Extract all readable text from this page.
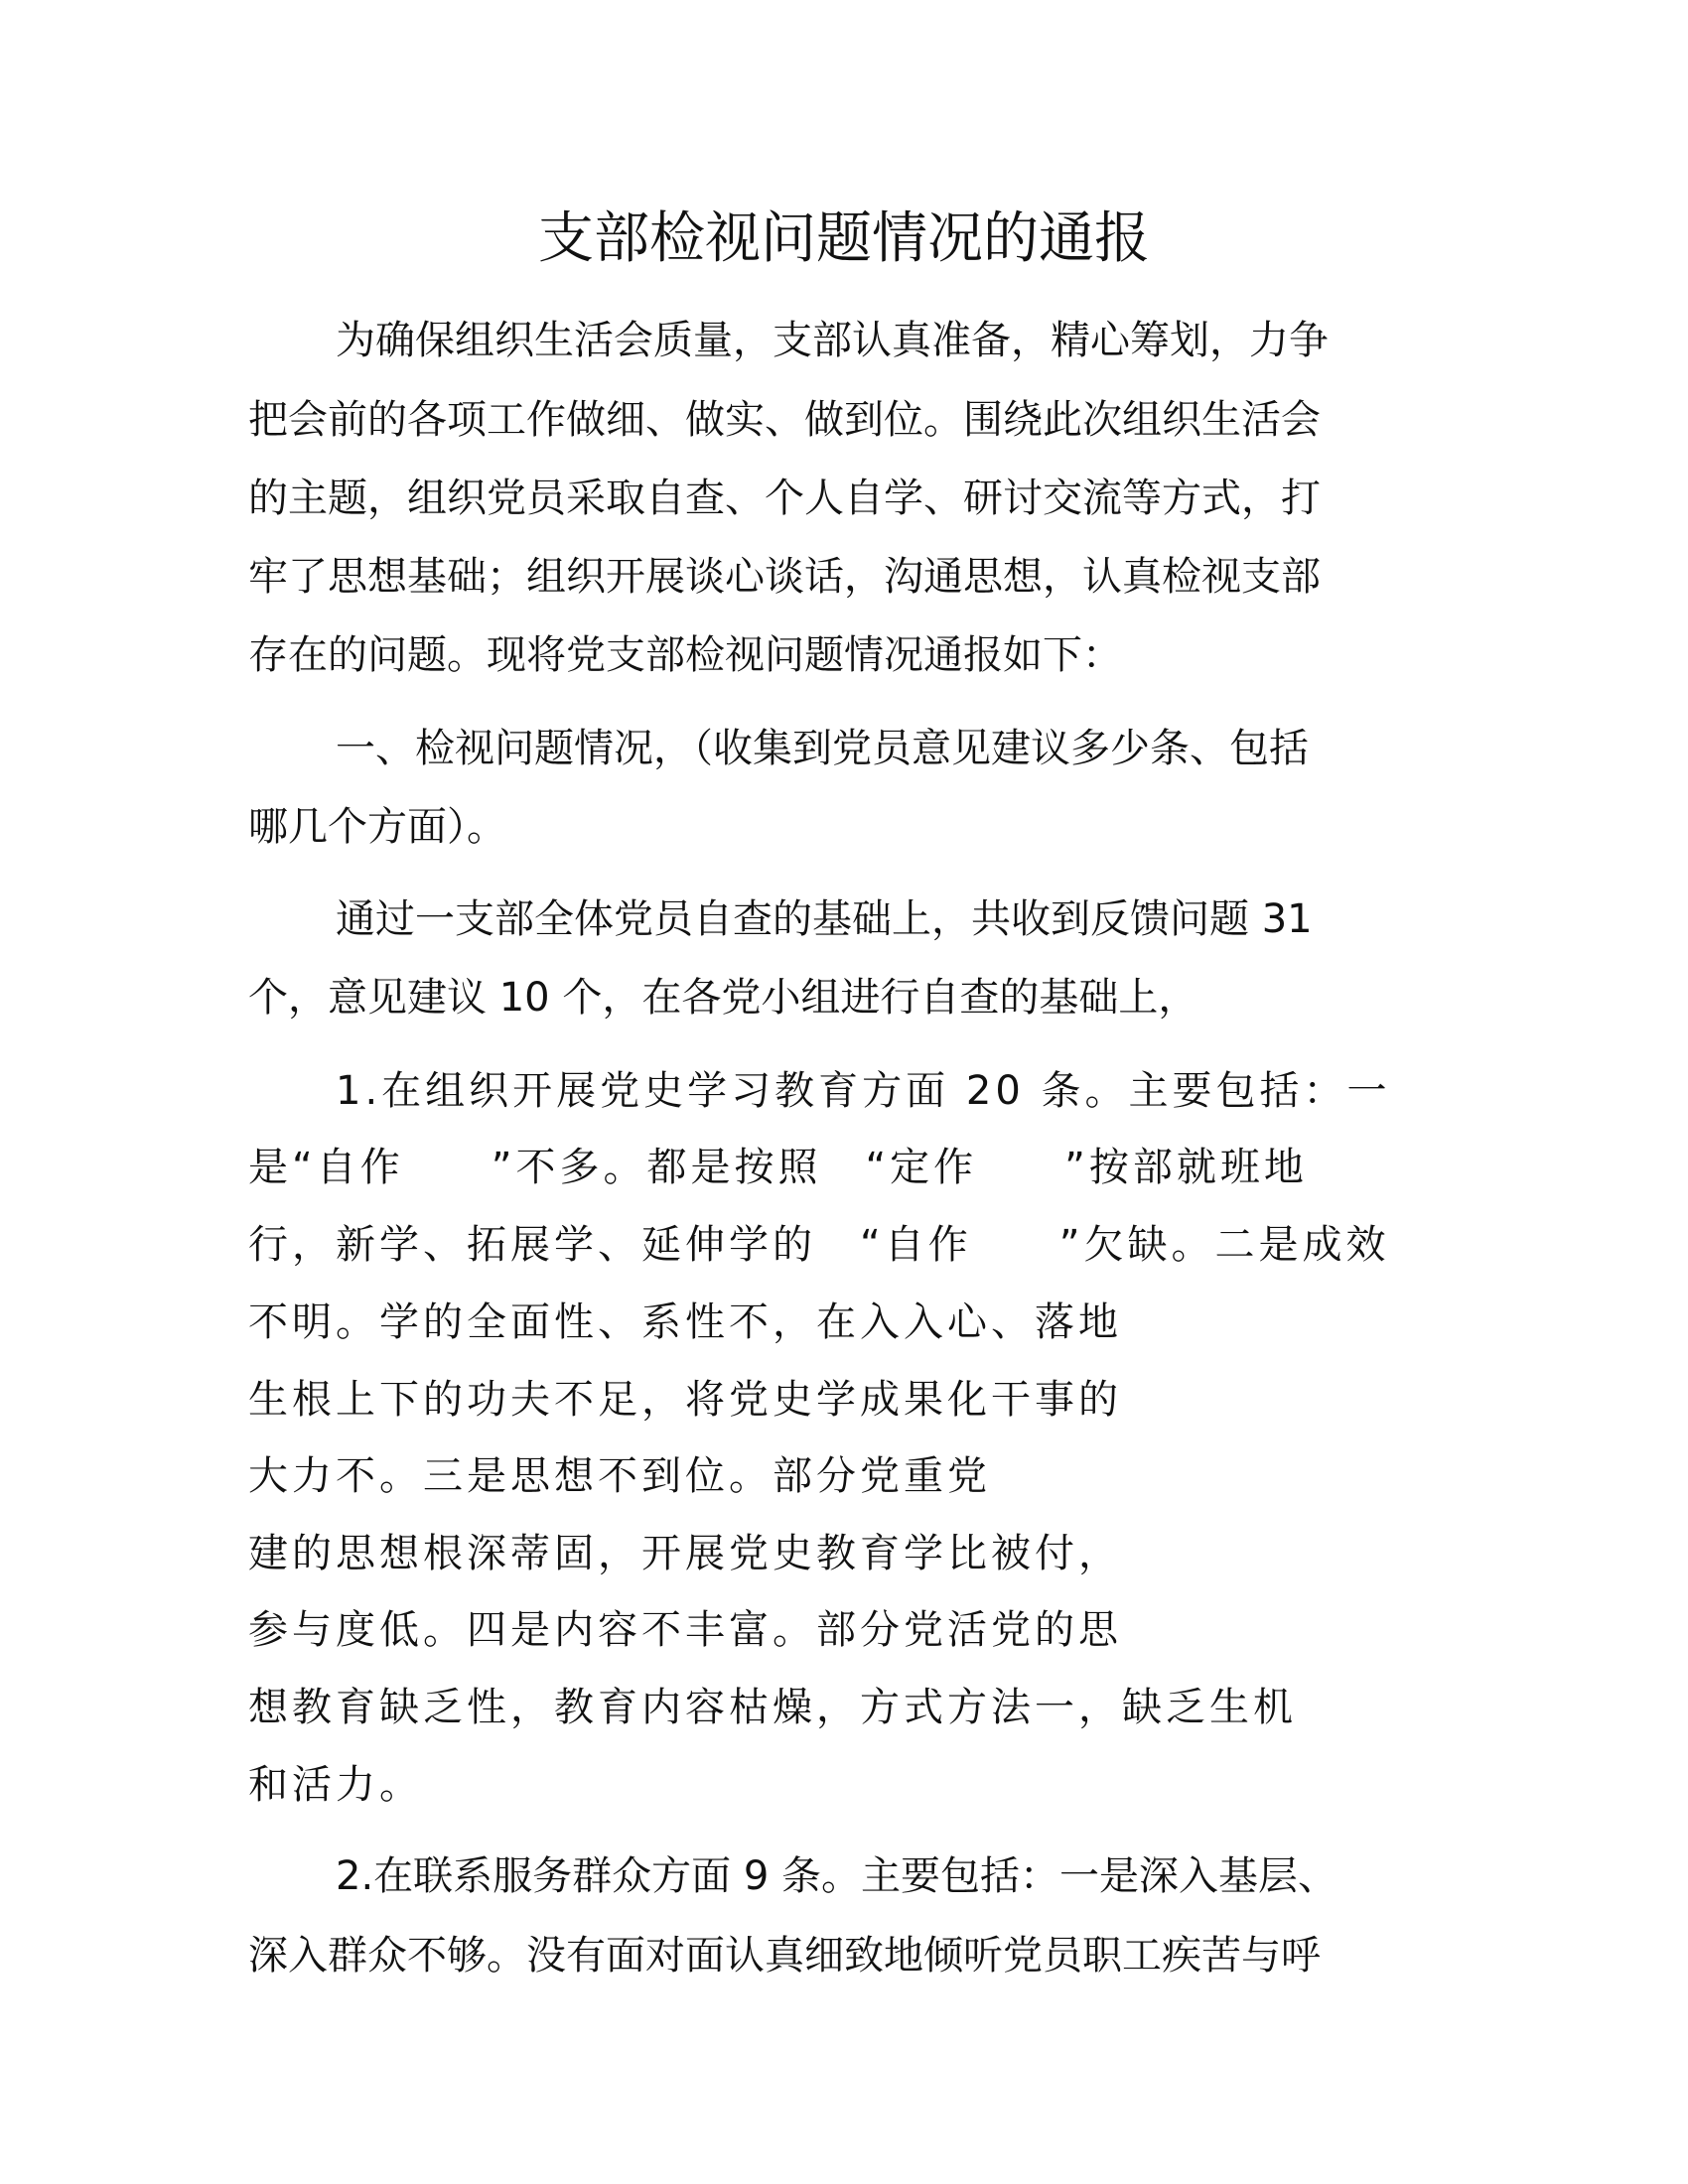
支部检视问题情况的通报
为确保组织生活会质量，支部认真准备，精心筹划，力争
把会前的各项工作做细、做实、做到位。围绕此次组织生活会
的主题，组织党员采取自查、个人自学、研讨交流等方式，打
牢了思想基础；组织开展谈心谈话，沟通思想，认真检视支部
存在的问题。现将党支部检视问题情况通报如下：
一、检视问题情况，（收集到党员意见建议多少条、包括
哪几个方面）。
通过一支部全体党员自查的基础上，共收到反馈问题 31
个，意见建议 10 个，在各党小组进行自查的基础上，
1.在组织开展党史学习教育方面 20 条。主要包括：一
是“自作　　”不多。都是按照　“定作　　”按部就班地
行，新学、拓展学、延伸学的　“自作　　”欠缺。二是成效
不明。学的全面性、系性不，在入入心、落地
生根上下的功夫不足，将党史学成果化干事的
大力不。三是思想不到位。部分党重党
建的思想根深蒂固，开展党史教育学比被付，
参与度低。四是内容不丰富。部分党活党的思
想教育缺乏性，教育内容枯燥，方式方法一，缺乏生机
和活力。
2.在联系服务群众方面 9 条。主要包括：一是深入基层、
深入群众不够。没有面对面认真细致地倾听党员职工疾苦与呼
